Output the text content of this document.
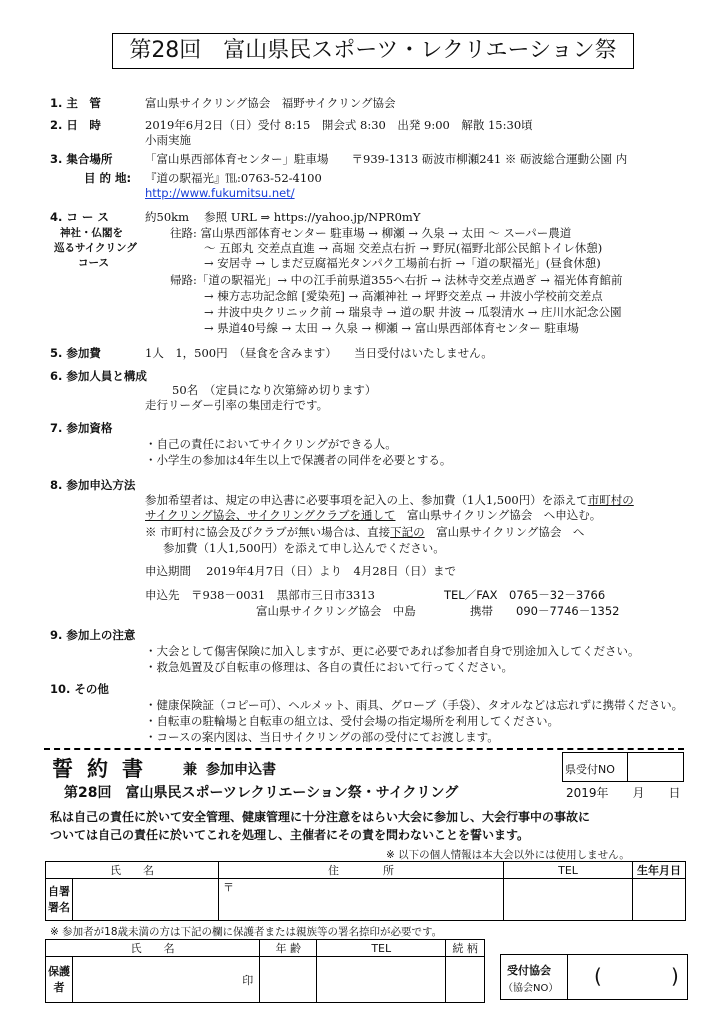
第28回　富山県民スポーツ・レクリエーション祭
1. 主　管	富山県サイクリング協会　福野サイクリング協会
2. 日　時	2019年6月2日（日）受付 8:15　開会式 8:30　出発 9:00　解散 15:30頃
小雨実施
3. 集合場所	「富山県西部体育センター」駐車場　　〒939-1313 砺波市柳瀬241 ※ 砺波総合運動公園 内
目 的 地: 『道の駅福光』℡:0763-52-4100
http://www.fukumitsu.net/
4. コ ー ス
神社・仏閣を
巡るサイクリング
コース
約50km　 参照 URL ⇒ https://yahoo.jp/NPR0mY
往路: 富山県西部体育センター 駐車場 → 柳瀬 → 久泉 → 太田 〜 スーパー農道
〜 五郎丸 交差点直進 → 高堀 交差点右折 → 野尻(福野北部公民館トイレ休憩)
→ 安居寺 → しまだ豆腐福光タンパク工場前右折 →「道の駅福光」(昼食休憩)
帰路:「道の駅福光」→ 中の江手前県道355へ右折 → 法林寺交差点過ぎ → 福光体育館前
→ 棟方志功記念館 [愛染苑] → 高瀬神社 → 坪野交差点 → 井波小学校前交差点
→ 井波中央クリニック前 → 瑞泉寺 → 道の駅 井波 → 瓜裂清水 → 庄川水記念公園
→ 県道40号線 → 太田 → 久泉 → 柳瀬 → 富山県西部体育センター 駐車場
5. 参加費	1人　1，500円　（昼食を含みます）　　当日受付はいたしません。
6. 参加人員と構成
50名　（定員になり次第締め切ります）
走行リーダー引率の集団走行です。
7. 参加資格
・自己の責任においてサイクリングができる人。
・小学生の参加は4年生以上で保護者の同伴を必要とする。
8. 参加申込方法
参加希望者は、規定の申込書に必要事項を記入の上、参加費（1人1,500円）を添えて市町村の
サイクリング協会、サイクリングクラブを通して　 富山県サイクリング協会　へ申込む。
※ 市町村に協会及びクラブが無い場合は、直接下記の　 富山県サイクリング協会　へ
参加費（1人1,500円）を添えて申し込んでください。
申込期間　 2019年4月7日（日）より　4月28日（日）まで
申込先　〒938－0031　黒部市三日市3313	TEL／FAX　0765－32－3766
富山県サイクリング協会　中島	携帯　　090－7746－1352
9. 参加上の注意
・大会として傷害保険に加入しますが、更に必要であれば参加者自身で別途加入してください。
・救急処置及び自転車の修理は、各自の責任において行ってください。
10. その他
・健康保険証（コピー可）、ヘルメット、雨具、グローブ（手袋）、タオルなどは忘れずに携帯ください。
・自転車の駐輪場と自転車の組立は、受付会場の指定場所を利用してください。
・コースの案内図は、当日サイクリングの部の受付にてお渡します。
誓約書 兼 参加申込書	県受付NO
第28回　富山県民スポーツレクリエーション祭・サイクリング	2019年　　月　　日
私は自己の責任に於いて安全管理、健康管理に十分注意をはらい大会に参加し、大会行事中の事故に
ついては自己の責任に於いてこれを処理し、主催者にその責を問わないことを誓います。
※ 以下の個人情報は本大会以外には使用しません。
氏　　名		住　　　　所	TEL	生年月日
自署
署名		〒		
※ 参加者が18歳未満の方は下記の欄に保護者または親族等の署名捺印が必要です。
氏　　名		年 齢	TEL	続 柄
保護
者	印			
受付協会
（協会NO）
(	)
